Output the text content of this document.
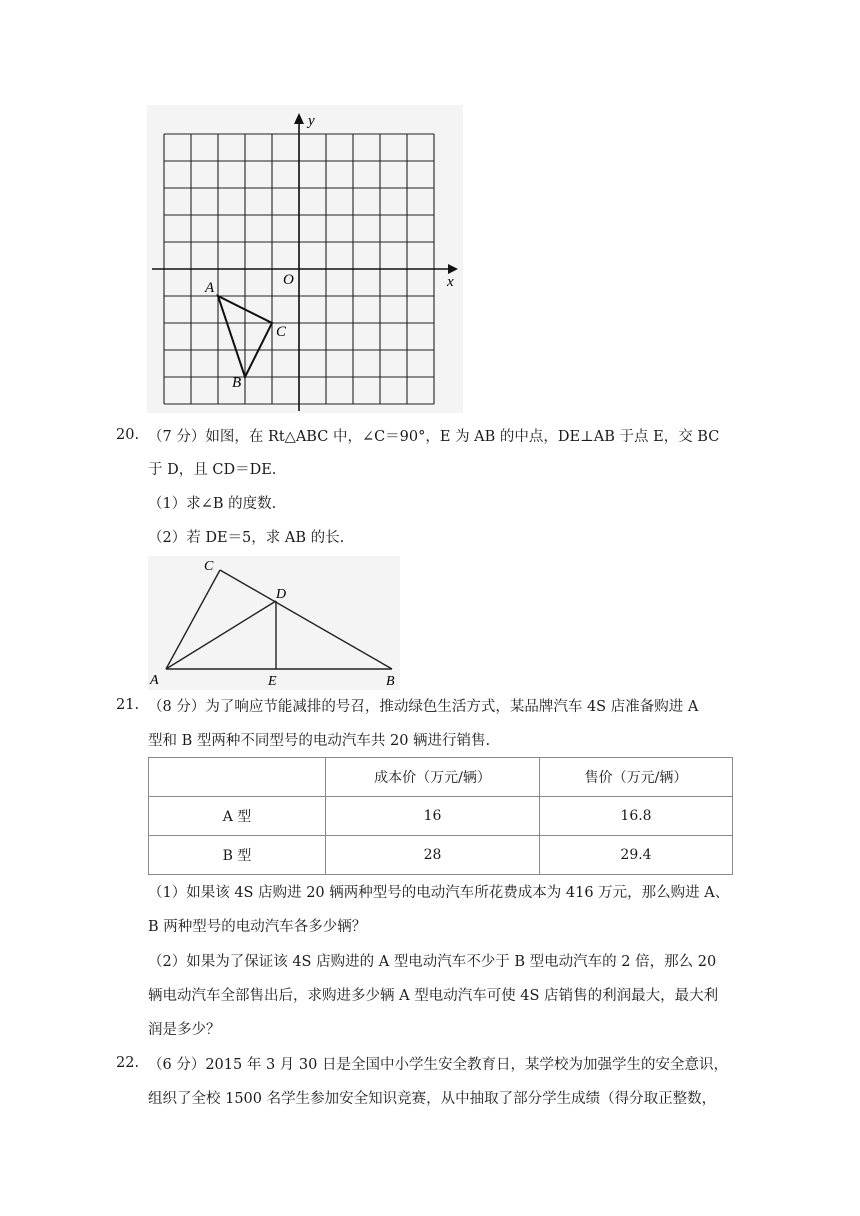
y
x
O
A
B
C
20. （7 分）如图，在 Rt△ABC 中，∠C＝90°，E 为 AB 的中点，DE⊥AB 于点 E，交 BC
于 D，且 CD＝DE.
（1）求∠B 的度数.
（2）若 DE＝5，求 AB 的长.
C
D
A	E	B
21. （8 分）为了响应节能减排的号召，推动绿色生活方式，某品牌汽车 4S 店准备购进 A
型和 B 型两种不同型号的电动汽车共 20 辆进行销售.
	成本价（万元/辆）	售价（万元/辆）
A 型	16	16.8
B 型	28	29.4
（1）如果该 4S 店购进 20 辆两种型号的电动汽车所花费成本为 416 万元，那么购进 A、
B 两种型号的电动汽车各多少辆？
（2）如果为了保证该 4S 店购进的 A 型电动汽车不少于 B 型电动汽车的 2 倍，那么 20
辆电动汽车全部售出后，求购进多少辆 A 型电动汽车可使 4S 店销售的利润最大，最大利
润是多少？
22. （6 分）2015 年 3 月 30 日是全国中小学生安全教育日，某学校为加强学生的安全意识，
组织了全校 1500 名学生参加安全知识竞赛，从中抽取了部分学生成绩（得分取正整数，
